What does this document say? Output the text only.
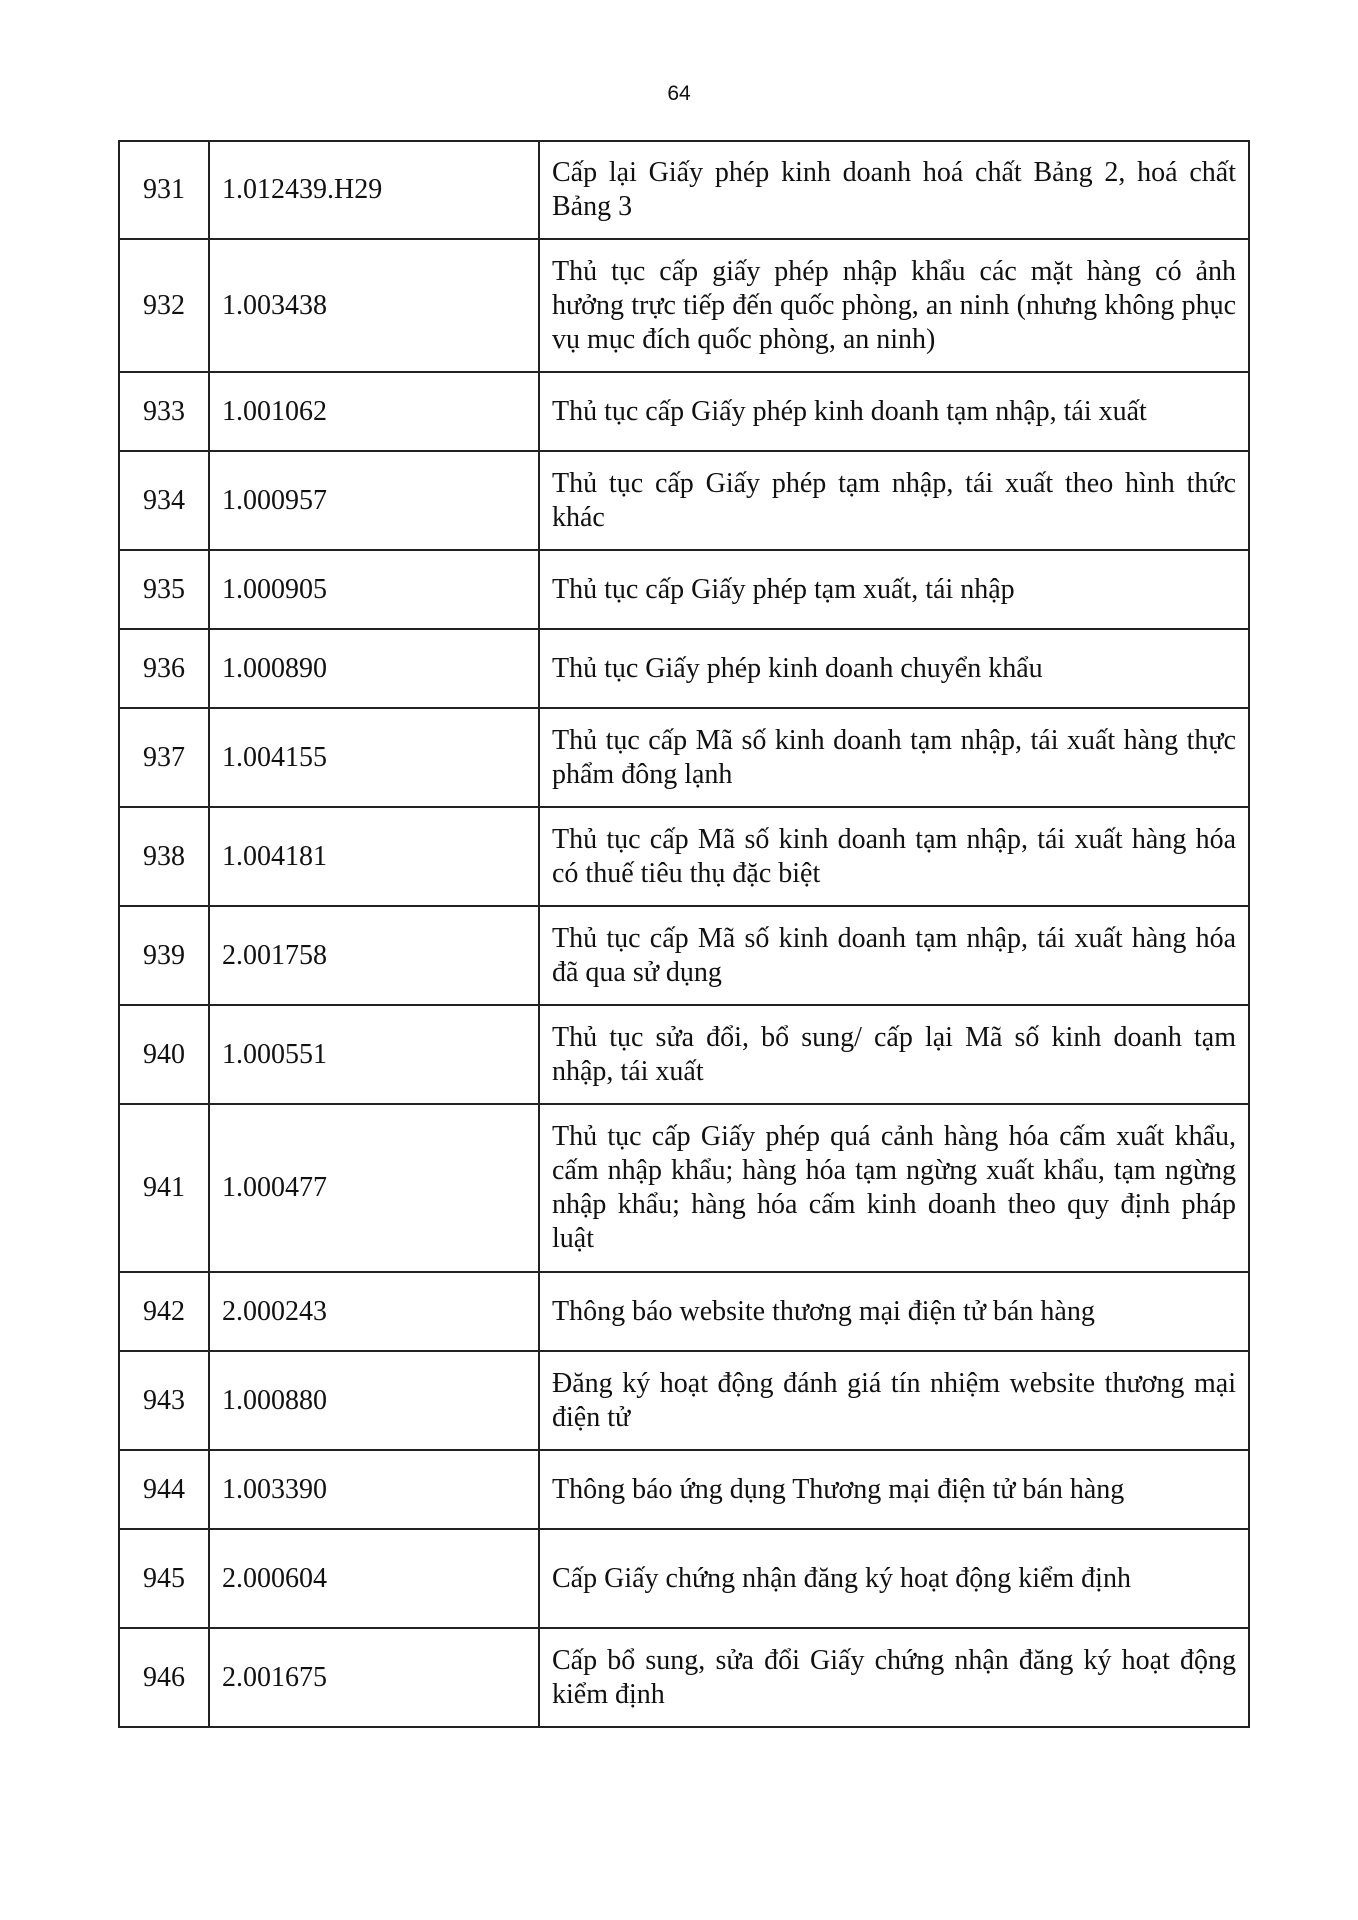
64
931	1.012439.H29	Cấp lại Giấy phép kinh doanh hoá chất Bảng 2, hoá chất Bảng 3
932	1.003438	Thủ tục cấp giấy phép nhập khẩu các mặt hàng có ảnh hưởng trực tiếp đến quốc phòng, an ninh (nhưng không phục vụ mục đích quốc phòng, an ninh)
933	1.001062	Thủ tục cấp Giấy phép kinh doanh tạm nhập, tái xuất
934	1.000957	Thủ tục cấp Giấy phép tạm nhập, tái xuất theo hình thức khác
935	1.000905	Thủ tục cấp Giấy phép tạm xuất, tái nhập
936	1.000890	Thủ tục Giấy phép kinh doanh chuyển khẩu
937	1.004155	Thủ tục cấp Mã số kinh doanh tạm nhập, tái xuất hàng thực phẩm đông lạnh
938	1.004181	Thủ tục cấp Mã số kinh doanh tạm nhập, tái xuất hàng hóa có thuế tiêu thụ đặc biệt
939	2.001758	Thủ tục cấp Mã số kinh doanh tạm nhập, tái xuất hàng hóa đã qua sử dụng
940	1.000551	Thủ tục sửa đổi, bổ sung/ cấp lại Mã số kinh doanh tạm nhập, tái xuất
941	1.000477	Thủ tục cấp Giấy phép quá cảnh hàng hóa cấm xuất khẩu, cấm nhập khẩu; hàng hóa tạm ngừng xuất khẩu, tạm ngừng nhập khẩu; hàng hóa cấm kinh doanh theo quy định pháp luật
942	2.000243	Thông báo website thương mại điện tử bán hàng
943	1.000880	Đăng ký hoạt động đánh giá tín nhiệm website thương mại điện tử
944	1.003390	Thông báo ứng dụng Thương mại điện tử bán hàng
945	2.000604	Cấp Giấy chứng nhận đăng ký hoạt động kiểm định
946	2.001675	Cấp bổ sung, sửa đổi Giấy chứng nhận đăng ký hoạt động kiểm định
